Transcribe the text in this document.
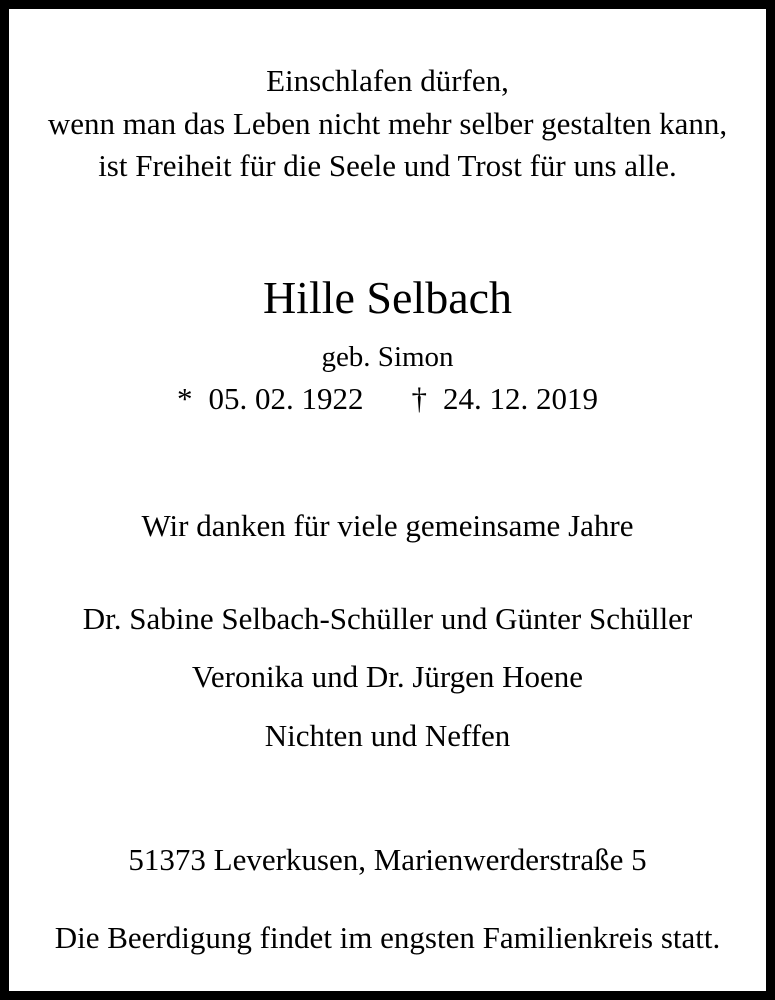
Einschlafen dürfen,
wenn man das Leben nicht mehr selber gestalten kann,
ist Freiheit für die Seele und Trost für uns alle.
Hille Selbach
geb. Simon
* 05. 02. 1922 † 24. 12. 2019
Wir danken für viele gemeinsame Jahre
Dr. Sabine Selbach-Schüller und Günter Schüller
Veronika und Dr. Jürgen Hoene
Nichten und Neffen
51373 Leverkusen, Marienwerderstraße 5
Die Beerdigung findet im engsten Familienkreis statt.
